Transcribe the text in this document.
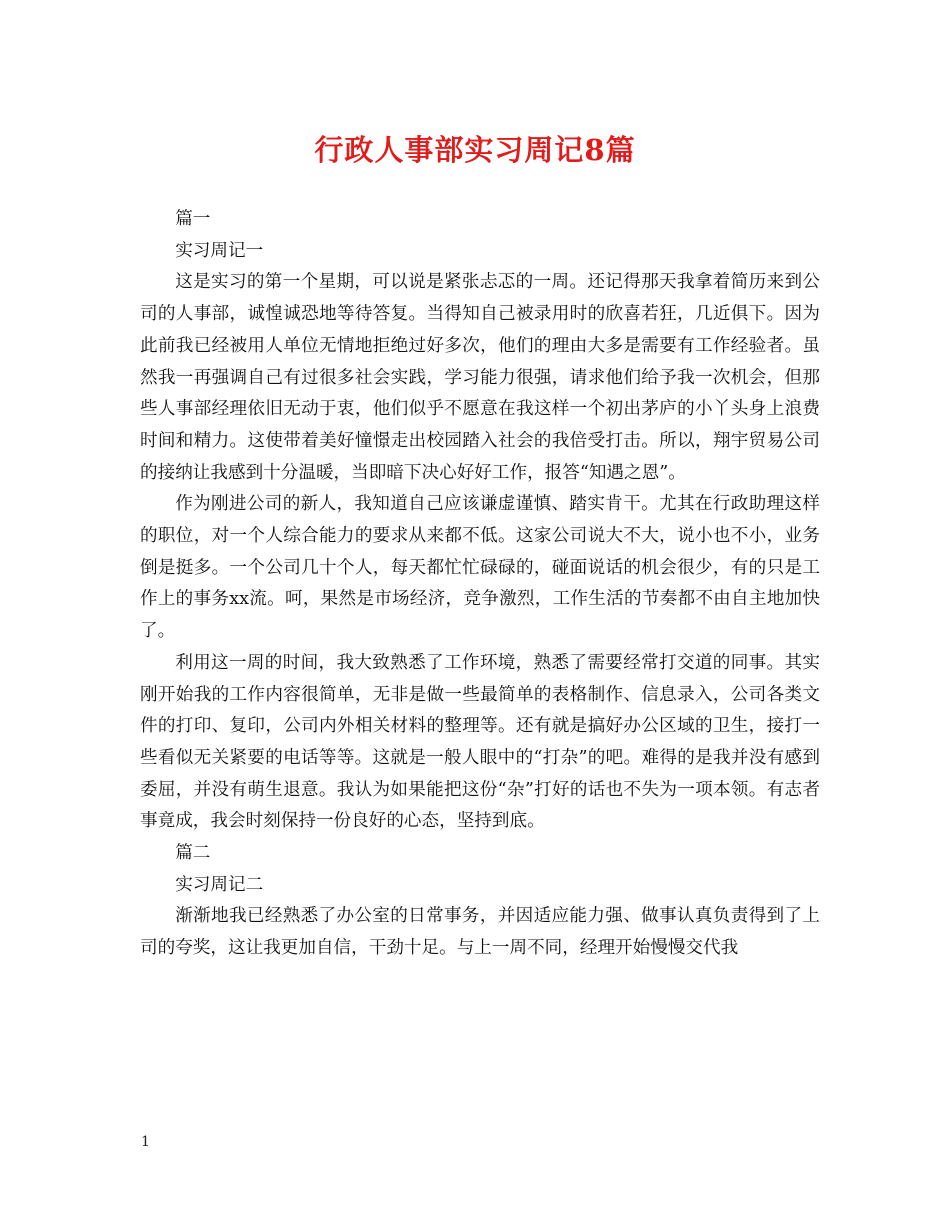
行政人事部实习周记8篇

篇一

实习周记一

这是实习的第一个星期，可以说是紧张忐忑的一周。还记得那天我拿着简历来到公司的人事部，诚惶诚恐地等待答复。当得知自己被录用时的欣喜若狂，几近俱下。因为此前我已经被用人单位无情地拒绝过好多次，他们的理由大多是需要有工作经验者。虽然我一再强调自己有过很多社会实践，学习能力很强，请求他们给予我一次机会，但那些人事部经理依旧无动于衷，他们似乎不愿意在我这样一个初出茅庐的小丫头身上浪费时间和精力。这使带着美好憧憬走出校园踏入社会的我倍受打击。所以，翔宇贸易公司的接纳让我感到十分温暖，当即暗下决心好好工作，报答“知遇之恩”。

作为刚进公司的新人，我知道自己应该谦虚谨慎、踏实肯干。尤其在行政助理这样的职位，对一个人综合能力的要求从来都不低。这家公司说大不大，说小也不小，业务倒是挺多。一个公司几十个人，每天都忙忙碌碌的，碰面说话的机会很少，有的只是工作上的事务xx流。呵，果然是市场经济，竞争激烈，工作生活的节奏都不由自主地加快了。

利用这一周的时间，我大致熟悉了工作环境，熟悉了需要经常打交道的同事。其实刚开始我的工作内容很简单，无非是做一些最简单的表格制作、信息录入，公司各类文件的打印、复印，公司内外相关材料的整理等。还有就是搞好办公区域的卫生，接打一些看似无关紧要的电话等等。这就是一般人眼中的“打杂”的吧。难得的是我并没有感到委屈，并没有萌生退意。我认为如果能把这份“杂”打好的话也不失为一项本领。有志者事竟成，我会时刻保持一份良好的心态，坚持到底。

篇二

实习周记二

渐渐地我已经熟悉了办公室的日常事务，并因适应能力强、做事认真负责得到了上司的夸奖，这让我更加自信，干劲十足。与上一周不同，经理开始慢慢交代我

1
